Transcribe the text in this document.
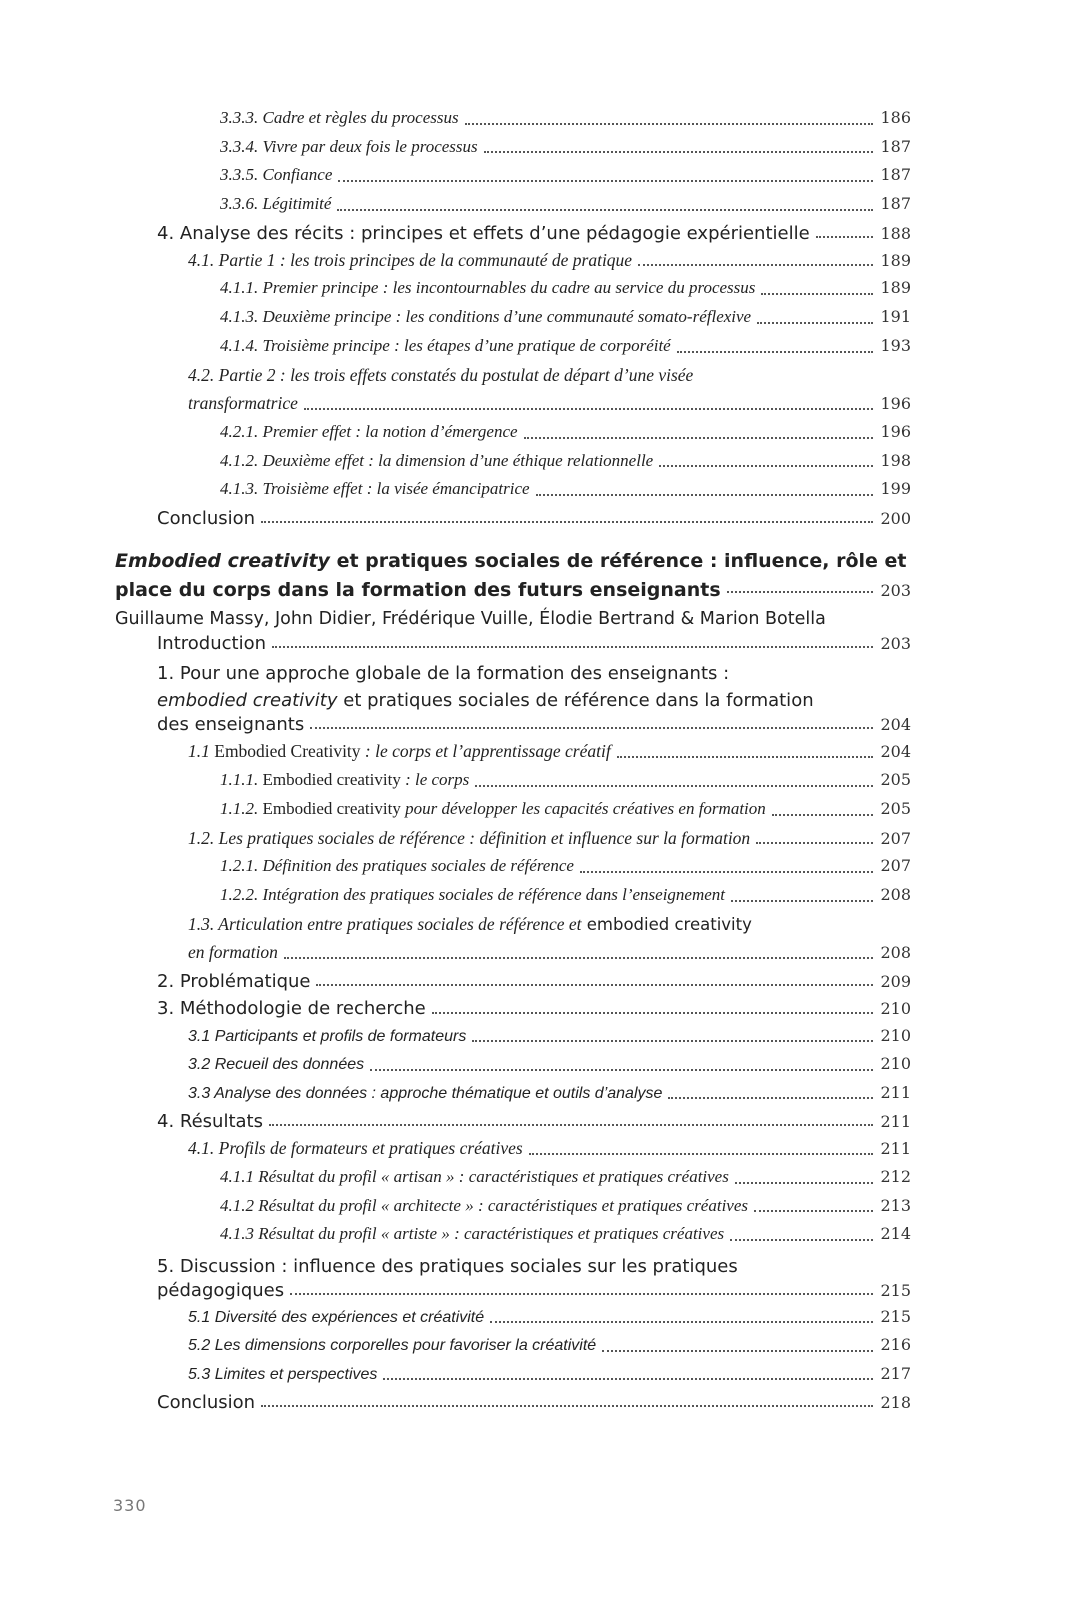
3.3.3. Cadre et règles du processus	186
3.3.4. Vivre par deux fois le processus	187
3.3.5. Confiance	187
3.3.6. Légitimité	187
4. Analyse des récits : principes et effets d’une pédagogie expérientielle	188
4.1. Partie 1 : les trois principes de la communauté de pratique	189
4.1.1. Premier principe : les incontournables du cadre au service du processus	189
4.1.3. Deuxième principe : les conditions d’une communauté somato-réflexive	191
4.1.4. Troisième principe : les étapes d’une pratique de corporéité	193
4.2. Partie 2 : les trois effets constatés du postulat de départ d’une visée
transformatrice	196
4.2.1. Premier effet : la notion d’émergence	196
4.1.2. Deuxième effet : la dimension d’une éthique relationnelle	198
4.1.3. Troisième effet : la visée émancipatrice	199
Conclusion	200
Embodied creativity et pratiques sociales de référence : influence, rôle et
place du corps dans la formation des futurs enseignants	203
Guillaume Massy, John Didier, Frédérique Vuille, Élodie Bertrand & Marion Botella
Introduction	203
1. Pour une approche globale de la formation des enseignants :
embodied creativity et pratiques sociales de référence dans la formation
des enseignants	204
1.1 Embodied Creativity : le corps et l’apprentissage créatif	204
1.1.1. Embodied creativity : le corps	205
1.1.2. Embodied creativity pour développer les capacités créatives en formation	205
1.2. Les pratiques sociales de référence : définition et influence sur la formation	207
1.2.1. Définition des pratiques sociales de référence	207
1.2.2. Intégration des pratiques sociales de référence dans l’enseignement	208
1.3. Articulation entre pratiques sociales de référence et embodied creativity
en formation	208
2. Problématique	209
3. Méthodologie de recherche	210
3.1 Participants et profils de formateurs	210
3.2 Recueil des données	210
3.3 Analyse des données : approche thématique et outils d’analyse	211
4. Résultats	211
4.1. Profils de formateurs et pratiques créatives	211
4.1.1 Résultat du profil « artisan » : caractéristiques et pratiques créatives	212
4.1.2 Résultat du profil « architecte » : caractéristiques et pratiques créatives	213
4.1.3 Résultat du profil « artiste » : caractéristiques et pratiques créatives	214
5. Discussion : influence des pratiques sociales sur les pratiques
pédagogiques	215
5.1 Diversité des expériences et créativité	215
5.2 Les dimensions corporelles pour favoriser la créativité	216
5.3 Limites et perspectives	217
Conclusion	218
330
